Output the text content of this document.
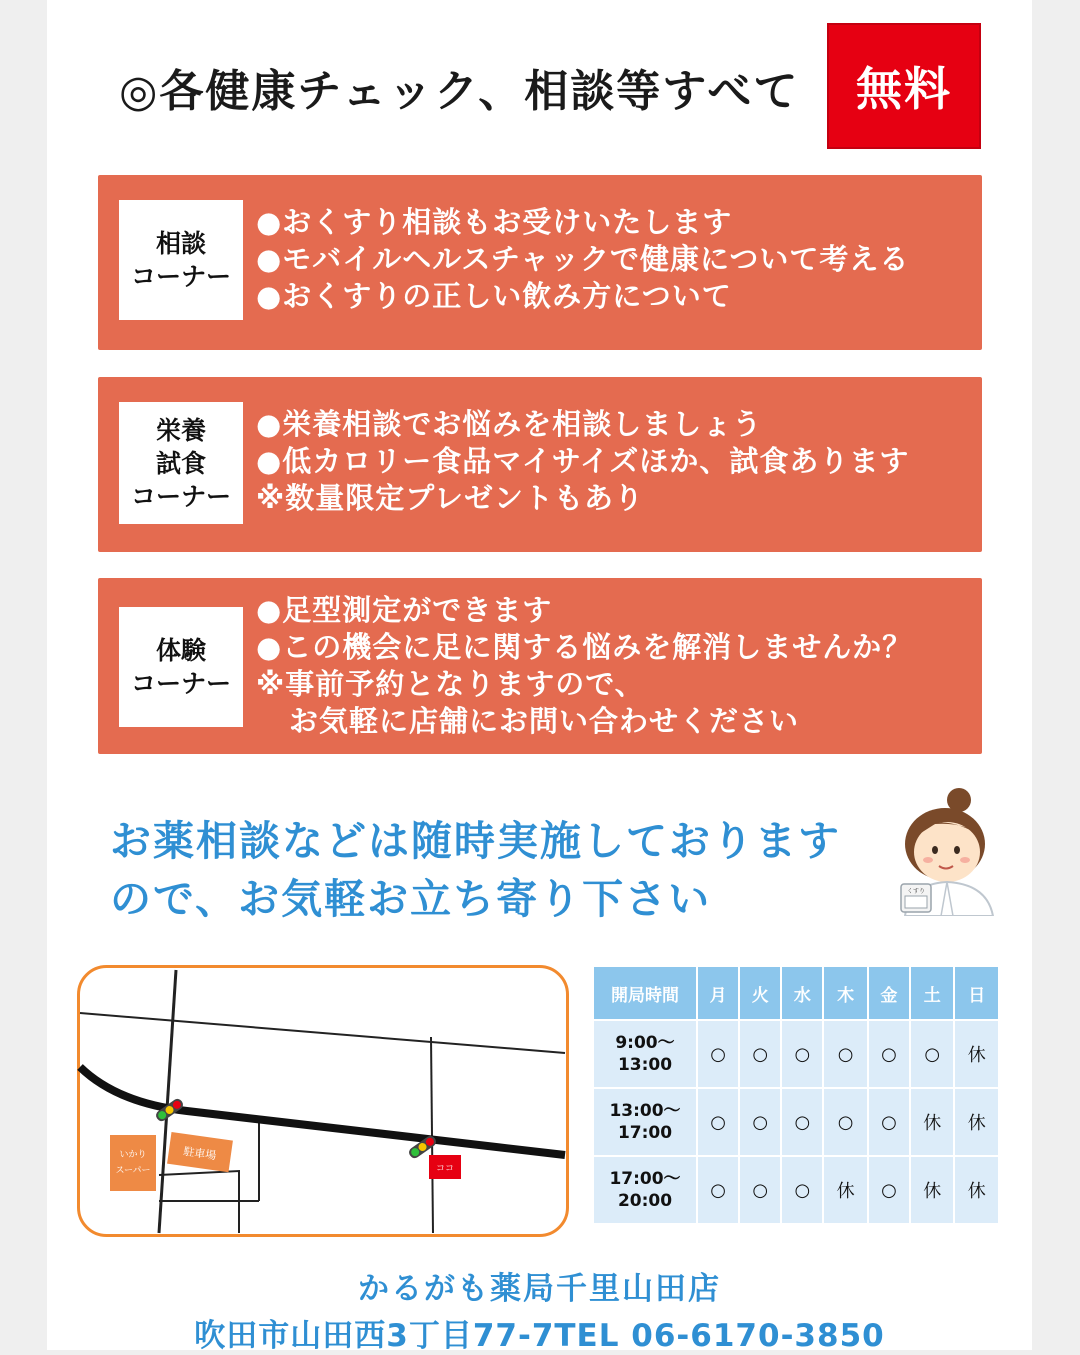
◎各健康チェック、相談等すべて	無料
相談
コーナー
●おくすり相談もお受けいたします
●モバイルヘルスチャックで健康について考える
●おくすりの正しい飲み方について
栄養
試食
コーナー
●栄養相談でお悩みを相談しましょう
●低カロリー食品マイサイズほか、試食あります
※数量限定プレゼントもあり
体験
コーナー
●足型測定ができます
●この機会に足に関する悩みを解消しませんか？
※事前予約となりますので、
お気軽に店舗にお問い合わせください
お薬相談などは随時実施しております
ので、お気軽お立ち寄り下さい	くすり
いかり
スーパー
駐車場
ココ
開局時間	月	火	水	木	金	土	日
9:00～
13:00	○	○	○	○	○	○	休
13:00～
17:00	○	○	○	○	○	休	休
17:00～
20:00	○	○	○	休	○	休	休
かるがも薬局千里山田店
吹田市山田西3丁目77-7TEL 06-6170-3850
